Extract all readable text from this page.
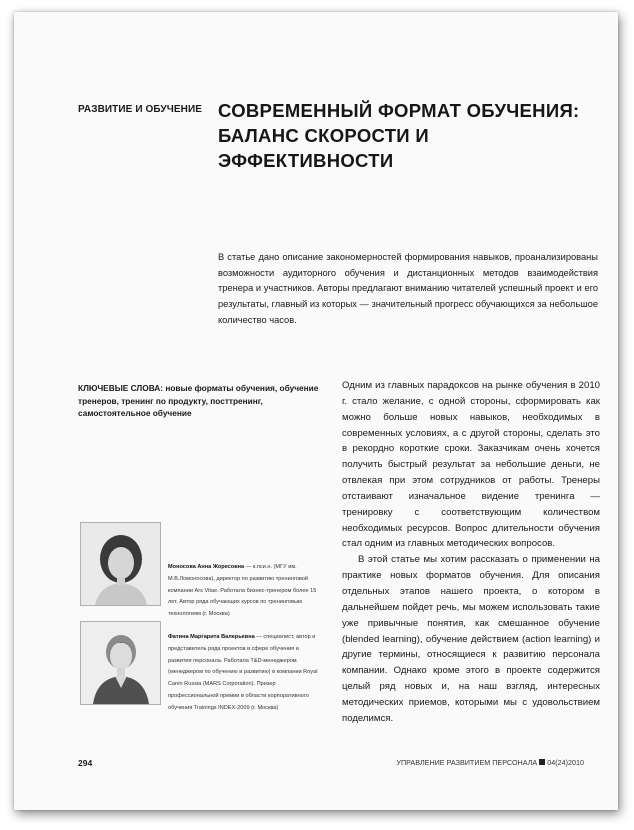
РАЗВИТИЕ И ОБУЧЕНИЕ СОВРЕМЕННЫЙ ФОРМАТ ОБУЧЕНИЯ: БАЛАНС СКОРОСТИ И ЭФФЕКТИВНОСТИ
В статье дано описание закономерностей формирования навыков, проанализированы возможности аудиторного обучения и дистанционных методов взаимодействия тренера и участников. Авторы предлагают вниманию читателей успешный проект и его результаты, главный из которых — значительный прогресс обучающихся за небольшое количество часов.
КЛЮЧЕВЫЕ СЛОВА: новые форматы обучения, обучение тренеров, тренинг по продукту, посттренинг, самостоятельное обучение

Одним из главных парадоксов на рынке обучения в 2010 г. стало желание, с одной стороны, сформировать как можно больше новых навыков, необходимых в современных условиях, а с другой стороны, сделать это в рекордно короткие сроки. Заказчикам очень хочется получить быстрый результат за небольшие деньги, не отвлекая при этом сотрудников от работы. Тренеры отстаивают изначальное видение тренинга — тренировку с соответствующим количеством необходимых ресурсов. Вопрос длительности обучения стал одним из главных методических вопросов.

В этой статье мы хотим рассказать о применении на практике новых форматов обучения. Для описания отдельных этапов нашего проекта, о котором в дальнейшем пойдет речь, мы можем использовать такие уже привычные понятия, как смешанное обучение (blended learning), обучение действием (action learning) и другие термины, относящиеся к развитию персонала компании. Однако кроме этого в проекте содержится целый ряд новых и, на наш взгляд, интересных методических приемов, которыми мы с удовольствием поделимся.

Моносова Анна Жоресовна — к.пси.н. (МГУ им. М.В.Ломоносова), директор по развитию тренинговой компании Ars Vitae. Работала бизнес-тренером более 15 лет. Автор ряда обучающих курсов по тренинговым технологиям (г. Москва)
Фатина Маргарита Валерьевна — специалист, автор и представитель ряда проектов в сфере обучения и развития персонала. Работала T&D-менеджером (менеджером по обучению и развитию) в компании Royal Canin Russia (MARS Corporation). Призер профессиональной премии в области корпоративного обучения Trainings INDEX-2009 (г. Москва)
294	УПРАВЛЕНИЕ РАЗВИТИЕМ ПЕРСОНАЛА 04(24)2010
